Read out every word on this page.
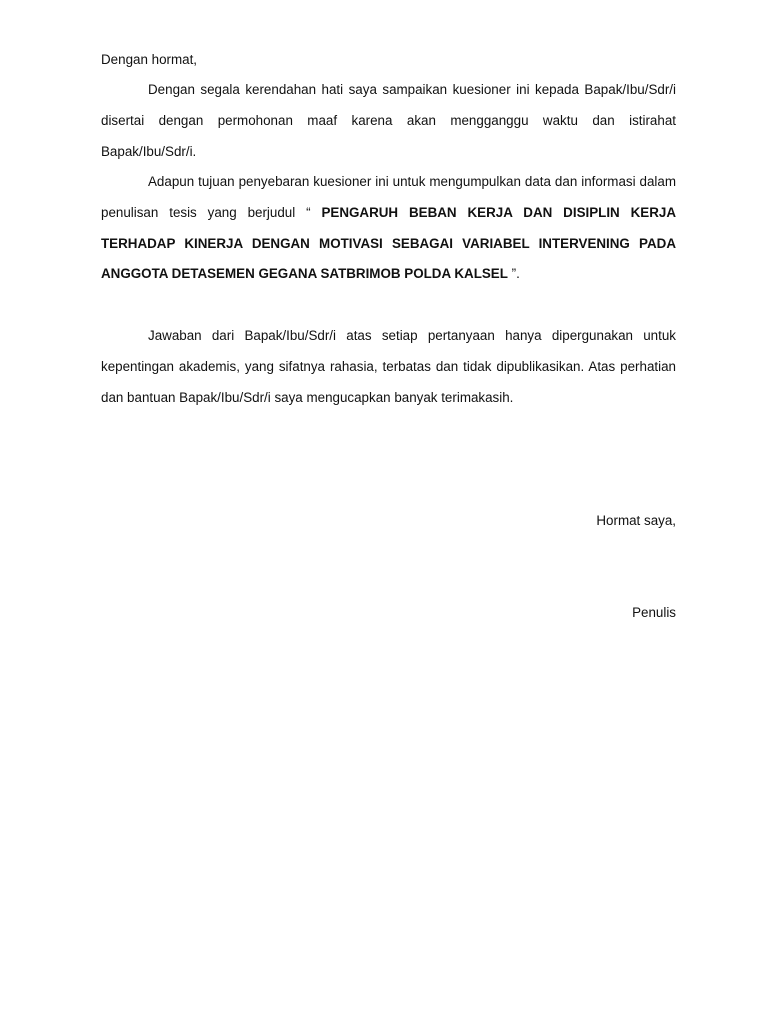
Dengan hormat,

Dengan segala kerendahan hati saya sampaikan kuesioner ini kepada Bapak/Ibu/Sdr/i disertai dengan permohonan maaf karena akan mengganggu waktu dan istirahat Bapak/Ibu/Sdr/i.

Adapun tujuan penyebaran kuesioner ini untuk mengumpulkan data dan informasi dalam penulisan tesis yang berjudul “ PENGARUH BEBAN KERJA DAN DISIPLIN KERJA TERHADAP KINERJA DENGAN MOTIVASI SEBAGAI VARIABEL INTERVENING PADA ANGGOTA DETASEMEN GEGANA SATBRIMOB POLDA KALSEL ”.

Jawaban dari Bapak/Ibu/Sdr/i atas setiap pertanyaan hanya dipergunakan untuk kepentingan akademis, yang sifatnya rahasia, terbatas dan tidak dipublikasikan. Atas perhatian dan bantuan Bapak/Ibu/Sdr/i saya mengucapkan banyak terimakasih.

Hormat saya,
Penulis
